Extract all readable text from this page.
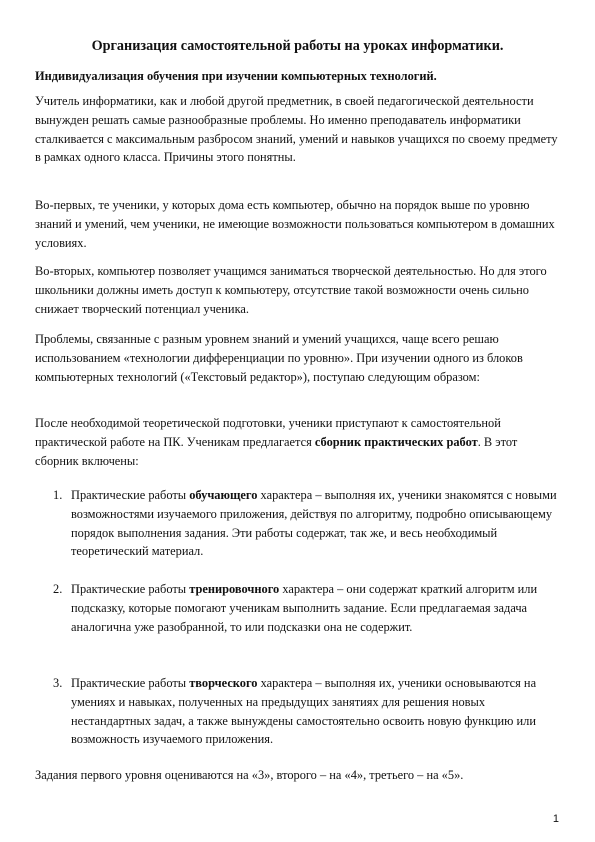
Организация самостоятельной работы на уроках информатики.
Индивидуализация обучения при изучении компьютерных технологий.

Учитель информатики, как и любой другой предметник, в своей педагогической деятельности вынужден решать самые разнообразные проблемы. Но именно преподаватель информатики сталкивается с максимальным разбросом знаний, умений и навыков учащихся по своему предмету в рамках одного класса. Причины этого понятны.

Во-первых, те ученики, у которых дома есть компьютер, обычно на порядок выше по уровню знаний и умений, чем ученики, не имеющие возможности пользоваться компьютером в домашних условиях.

Во-вторых, компьютер позволяет учащимся заниматься творческой деятельностью. Но для этого школьники должны иметь доступ к компьютеру, отсутствие такой возможности очень сильно снижает творческий потенциал ученика.

Проблемы, связанные с разным уровнем знаний и умений учащихся, чаще всего решаю использованием «технологии дифференциации по уровню». При изучении одного из блоков компьютерных технологий («Текстовый редактор»), поступаю следующим образом:

После необходимой теоретической подготовки, ученики приступают к самостоятельной практической работе на ПК. Ученикам предлагается сборник практических работ. В этот сборник включены:

1. Практические работы обучающего характера – выполняя их, ученики знакомятся с новыми возможностями изучаемого приложения, действуя по алгоритму, подробно описывающему порядок выполнения задания. Эти работы содержат, так же, и весь необходимый теоретический материал.
2. Практические работы тренировочного характера – они содержат краткий алгоритм или подсказку, которые помогают ученикам выполнить задание. Если предлагаемая задача аналогична уже разобранной, то или подсказки она не содержит.
3. Практические работы творческого характера – выполняя их, ученики основываются на умениях и навыках, полученных на предыдущих занятиях для решения новых нестандартных задач, а также вынуждены самостоятельно освоить новую функцию или возможность изучаемого приложения.

Задания первого уровня оцениваются на «3», второго – на «4», третьего – на «5».

1
